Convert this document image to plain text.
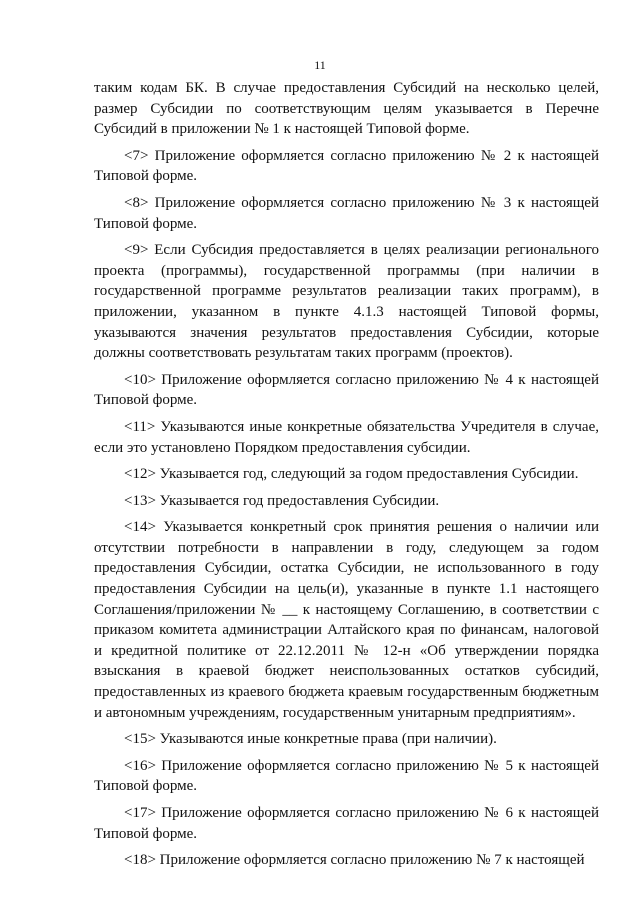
11

таким кодам БК. В случае предоставления Субсидий на несколько целей, размер Субсидии по соответствующим целям указывается в Перечне Субсидий в приложении № 1 к настоящей Типовой форме.

<7> Приложение оформляется согласно приложению № 2 к настоящей Типовой форме.

<8> Приложение оформляется согласно приложению № 3 к настоящей Типовой форме.

<9> Если Субсидия предоставляется в целях реализации регионального проекта (программы), государственной программы (при наличии в государственной программе результатов реализации таких программ), в приложении, указанном в пункте 4.1.3 настоящей Типовой формы, указываются значения результатов предоставления Субсидии, которые должны соответствовать результатам таких программ (проектов).

<10> Приложение оформляется согласно приложению № 4 к настоящей Типовой форме.

<11> Указываются иные конкретные обязательства Учредителя в случае, если это установлено Порядком предоставления субсидии.

<12> Указывается год, следующий за годом предоставления Субсидии.

<13> Указывается год предоставления Субсидии.

<14> Указывается конкретный срок принятия решения о наличии или отсутствии потребности в направлении в году, следующем за годом предоставления Субсидии, остатка Субсидии, не использованного в году предоставления Субсидии на цель(и), указанные в пункте 1.1 настоящего Соглашения/приложении № __ к настоящему Соглашению, в соответствии с приказом комитета администрации Алтайского края по финансам, налоговой и кредитной политике от 22.12.2011 № 12-н «Об утверждении порядка взыскания в краевой бюджет неиспользованных остатков субсидий, предоставленных из краевого бюджета краевым государственным бюджетным и автономным учреждениям, государственным унитарным предприятиям».

<15> Указываются иные конкретные права (при наличии).

<16> Приложение оформляется согласно приложению № 5 к настоящей Типовой форме.

<17> Приложение оформляется согласно приложению № 6 к настоящей Типовой форме.

<18> Приложение оформляется согласно приложению № 7 к настоящей
